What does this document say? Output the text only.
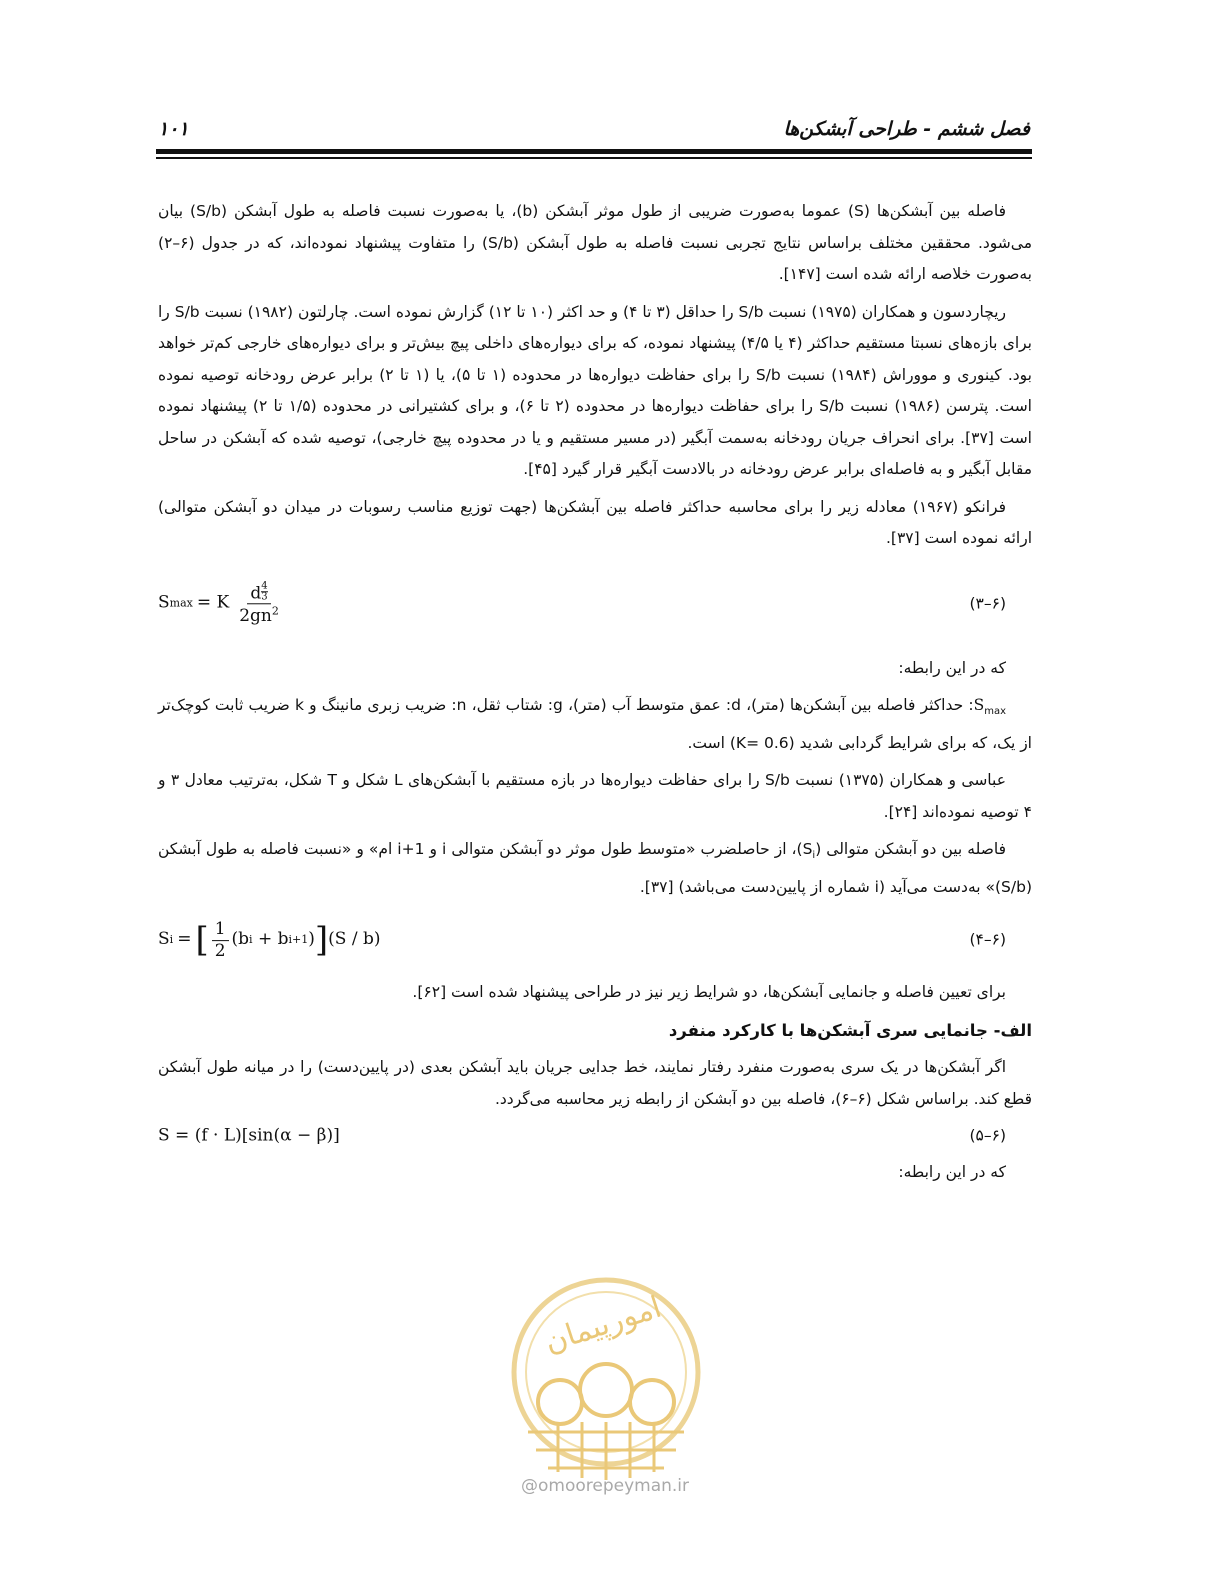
فصل ششم - طراحی آبشکن‌ها
۱۰۱

فاصله بین آبشکن‌ها (S) عموما به‌صورت ضریبی از طول موثر آبشکن (b)، یا به‌صورت نسبت فاصله به طول آبشکن (S/b) بیان می‌شود. محققین مختلف براساس نتایج تجربی نسبت فاصله به طول آبشکن (S/b) را متفاوت پیشنهاد نموده‌اند، که در جدول (۶–۲) به‌صورت خلاصه ارائه شده است [۱۴۷].

ریچاردسون و همکاران (۱۹۷۵) نسبت S/b را حداقل (۳ تا ۴) و حد اکثر (۱۰ تا ۱۲) گزارش نموده است. چارلتون (۱۹۸۲) نسبت S/b را برای بازه‌های نسبتا مستقیم حداکثر (۴ یا ۴/۵) پیشنهاد نموده، که برای دیواره‌های داخلی پیچ بیش‌تر و برای دیواره‌های خارجی کم‌تر خواهد بود. کینوری و مووراش (۱۹۸۴) نسبت S/b را برای حفاظت دیواره‌ها در محدوده (۱ تا ۵)، یا (۱ تا ۲) برابر عرض رودخانه توصیه نموده است. پترسن (۱۹۸۶) نسبت S/b را برای حفاظت دیواره‌ها در محدوده (۲ تا ۶)، و برای کشتیرانی در محدوده (۱/۵ تا ۲) پیشنهاد نموده است [۳۷]. برای انحراف جریان رودخانه به‌سمت آبگیر (در مسیر مستقیم و یا در محدوده پیچ خارجی)، توصیه شده که آبشکن در ساحل مقابل آبگیر و به فاصله‌ای برابر عرض رودخانه در بالادست آبگیر قرار گیرد [۴۵].

فرانکو (۱۹۶۷) معادله زیر را برای محاسبه حداکثر فاصله بین آبشکن‌ها (جهت توزیع مناسب رسوبات در میدان دو آبشکن متوالی) ارائه نموده است [۳۷].

S max = K d $^{\frac{4}{3}}$
$2gn^2$	(۶–۳)

که در این رابطه:

$S_{max}$: حداکثر فاصله بین آبشکن‌ها (متر)، d: عمق متوسط آب (متر)، g: شتاب ثقل، n: ضریب زبری مانینگ و k ضریب ثابت کوچک‌تر از یک، که برای شرایط گردابی شدید (K= 0.6) است.

عباسی و همکاران (۱۳۷۵) نسبت S/b را برای حفاظت دیواره‌ها در بازه مستقیم با آبشکن‌های L شکل و T شکل، به‌ترتیب معادل ۳ و ۴ توصیه نموده‌اند [۲۴].

فاصله بین دو آبشکن متوالی $(S_i)،$ از حاصلضرب «متوسط طول موثر دو آبشکن متوالی i و i+1 ام» و «نسبت فاصله به طول آبشکن (S/b)» به‌دست می‌آید (i شماره از پایین‌دست می‌باشد) [۳۷].

S i = [ $\frac{1}{2} (b$ i + b i+1 ) ] (S / b)	(۶–۴)

برای تعیین فاصله و جانمایی آبشکن‌ها، دو شرایط زیر نیز در طراحی پیشنهاد شده است [۶۲].

الف- جانمایی سری آبشکن‌ها با کارکرد منفرد

اگر آبشکن‌ها در یک سری به‌صورت منفرد رفتار نمایند، خط جدایی جریان باید آبشکن بعدی (در پایین‌دست) را در میانه طول آبشکن قطع کند. براساس شکل (۶–۶)، فاصله بین دو آبشکن از رابطه زیر محاسبه می‌گردد.

S = (f · L)[sin(α − β)]	(۶–۵)

که در این رابطه:

امورپیمان
@omoorepeyman.ir
